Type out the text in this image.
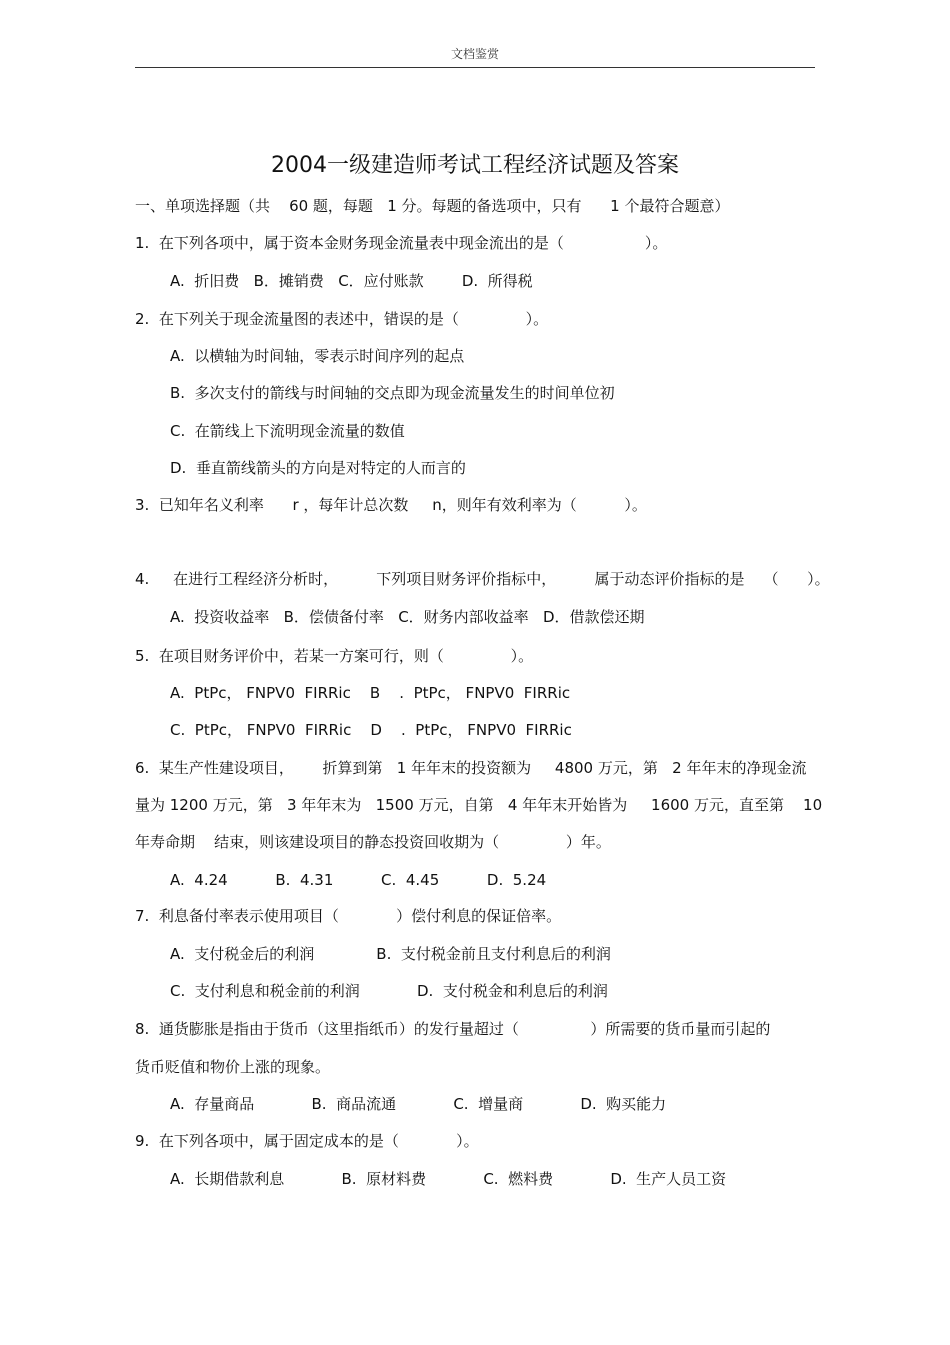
文档鉴赏
2004一级建造师考试工程经济试题及答案
一、单项选择题（共    60 题，每题   1 分。每题的备选项中，只有      1 个最符合题意）
1.  在下列各项中，属于资本金财务现金流量表中现金流出的是（                 ）。
A.  折旧费   B．摊销费   C．应付账款        D.  所得税
2.  在下列关于现金流量图的表述中，错误的是（              ）。
A.  以横轴为时间轴，零表示时间序列的起点
B.  多次支付的箭线与时间轴的交点即为现金流量发生的时间单位初
C.  在箭线上下流明现金流量的数值
D.  垂直箭线箭头的方向是对特定的人而言的
3.  已知年名义利率      r ，每年计总次数     n，则年有效利率为（          ）。
4.     在进行工程经济分析时，        下列项目财务评价指标中，        属于动态评价指标的是    （      ）。
A.  投资收益率   B．偿债备付率   C．财务内部收益率   D．借款偿还期
5.  在项目财务评价中，若某一方案可行，则（              ）。
A.  PtPc， FNPV0  FIRRic    B    .  PtPc， FNPV0  FIRRic
C.  PtPc， FNPV0  FIRRic    D    .  PtPc， FNPV0  FIRRic
6.  某生产性建设项目，      折算到第   1 年年末的投资额为     4800 万元，第   2 年年末的净现金流
量为 1200 万元，第   3 年年末为   1500 万元，自第   4 年年末开始皆为     1600 万元，直至第    10
年寿命期    结束，则该建设项目的静态投资回收期为（              ）年。
A.  4.24          B.  4.31          C.  4.45          D.  5.24
7.  利息备付率表示使用项目（            ）偿付利息的保证倍率。
A.  支付税金后的利润             B.  支付税金前且支付利息后的利润
C.  支付利息和税金前的利润            D.  支付税金和利息后的利润
8.  通货膨胀是指由于货币（这里指纸币）的发行量超过（               ）所需要的货币量而引起的
货币贬值和物价上涨的现象。
A.  存量商品            B.  商品流通            C.  增量商            D.  购买能力
9.  在下列各项中，属于固定成本的是（            ）。
A.  长期借款利息            B.  原材料费            C.  燃料费            D.  生产人员工资
